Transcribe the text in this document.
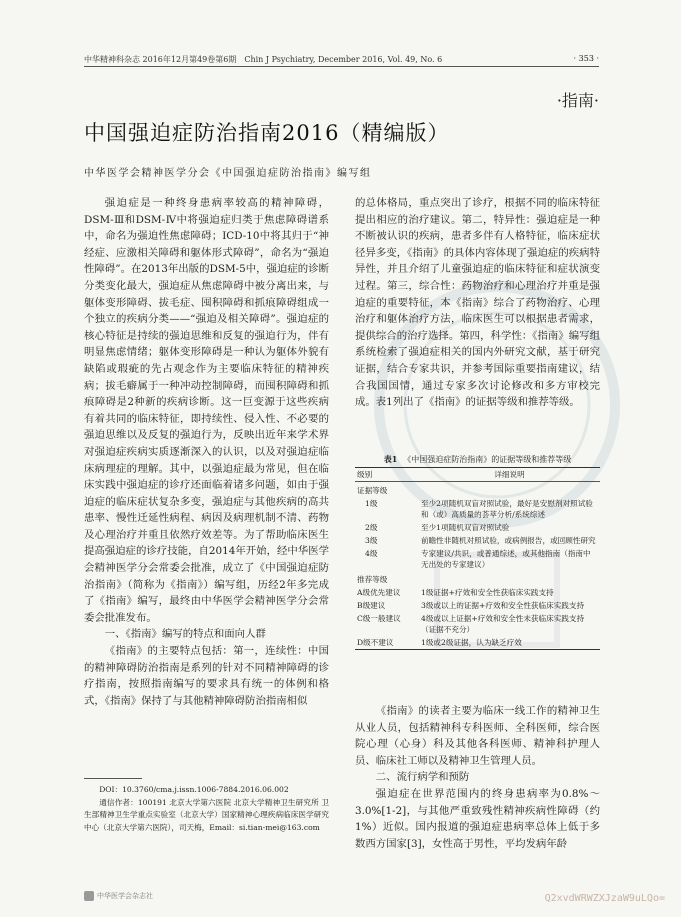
中华精神科杂志 2016年12月第49卷第6期　Chin J Psychiatry, December 2016, Vol. 49, No. 6	· 353 ·
·指南·
中国强迫症防治指南2016（精编版）
中华医学会精神医学分会《中国强迫症防治指南》编写组

强迫症是一种终身患病率较高的精神障碍，DSM-Ⅲ和DSM-Ⅳ中将强迫症归类于焦虑障碍谱系中，命名为强迫性焦虑障碍；ICD-10中将其归于“神经症、应激相关障碍和躯体形式障碍”，命名为“强迫性障碍”。在2013年出版的DSM-5中，强迫症的诊断分类变化最大，强迫症从焦虑障碍中被分离出来，与躯体变形障碍、拔毛症、囤积障碍和抓痕障碍组成一个独立的疾病分类——“强迫及相关障碍”。强迫症的核心特征是持续的强迫思维和反复的强迫行为，伴有明显焦虑情绪；躯体变形障碍是一种认为躯体外貌有缺陷或瑕疵的先占观念作为主要临床特征的精神疾病；拔毛癖属于一种冲动控制障碍，而囤积障碍和抓痕障碍是2种新的疾病诊断。这一巨变源于这些疾病有着共同的临床特征，即持续性、侵入性、不必要的强迫思维以及反复的强迫行为，反映出近年来学术界对强迫症疾病实质逐渐深入的认识，以及对强迫症临床病理症的理解。其中，以强迫症最为常见，但在临床实践中强迫症的诊疗还面临着诸多问题，如由于强迫症的临床症状复杂多变，强迫症与其他疾病的高共患率、慢性迁延性病程、病因及病理机制不清、药物及心理治疗并重且依然疗效差等。为了帮助临床医生提高强迫症的诊疗技能，自2014年开始，经中华医学会精神医学分会常委会批准，成立了《中国强迫症防治指南》（简称为《指南》）编写组，历经2年多完成了《指南》编写，最终由中华医学会精神医学分会常委会批准发布。

一、《指南》编写的特点和面向人群

《指南》的主要特点包括：第一，连续性：中国的精神障碍防治指南是系列的针对不同精神障碍的诊疗指南，按照指南编写的要求具有统一的体例和格式，《指南》保持了与其他精神障碍防治指南相似

的总体格局，重点突出了诊疗，根据不同的临床特征提出相应的治疗建议。第二，特异性：强迫症是一种不断被认识的疾病，患者多伴有人格特征，临床症状径异多变，《指南》的具体内容体现了强迫症的疾病特异性，并且介绍了儿童强迫症的临床特征和症状演变过程。第三，综合性：药物治疗和心理治疗并重是强迫症的重要特征，本《指南》综合了药物治疗、心理治疗和躯体治疗方法，临床医生可以根据患者需求，提供综合的治疗选择。第四，科学性：《指南》编写组系统检索了强迫症相关的国内外研究文献，基于研究证据，结合专家共识，并参考国际重要指南建议，结合我国国情，通过专家多次讨论修改和多方审校完成。表1列出了《指南》的证据等级和推荐等级。

表1 《中国强迫症防治指南》的证据等级和推荐等级
级别	详细说明
证据等级	
1级	至少2项随机双盲对照试验，最好是安慰剂对照试验和（或）高质量的荟萃分析/系统综述
2级	至少1项随机双盲对照试验
3级	前瞻性非随机对照试验，或病例报告，或回顾性研究
4级	专家建议/共识，或普通综述，或其他指南（指南中无出处的专家建议）
推荐等级	
A级优先建议	1级证据+疗效和安全性获临床实践支持
B级建议	3级或以上的证据+疗效和安全性获临床实践支持
C级一般建议	4级或以上证据+疗效和安全性未获临床实践支持（证据不充分）
D级不建议	1级或2级证据，认为缺乏疗效

《指南》的读者主要为临床一线工作的精神卫生从业人员，包括精神科专科医师、全科医师，综合医院心理（心身）科及其他各科医师、精神科护理人员、临床社工师以及精神卫生管理人员。

二、流行病学和预防

强迫症在世界范围内的终身患病率为0.8%～3.0%[1-2]，与其他严重致残性精神疾病性障碍（约1%）近似。国内报道的强迫症患病率总体上低于多数西方国家[3]，女性高于男性，平均发病年龄

DOI：10.3760/cma.j.issn.1006-7884.2016.06.002

通信作者：100191 北京大学第六医院 北京大学精神卫生研究所 卫生部精神卫生学重点实验室（北京大学）国家精神心理疾病临床医学研究中心（北京大学第六医院），司天梅，Email：si.tian-mei@163.com

中华医学会杂志社	Q2xvdWRWZXJzaW9uLQo=
